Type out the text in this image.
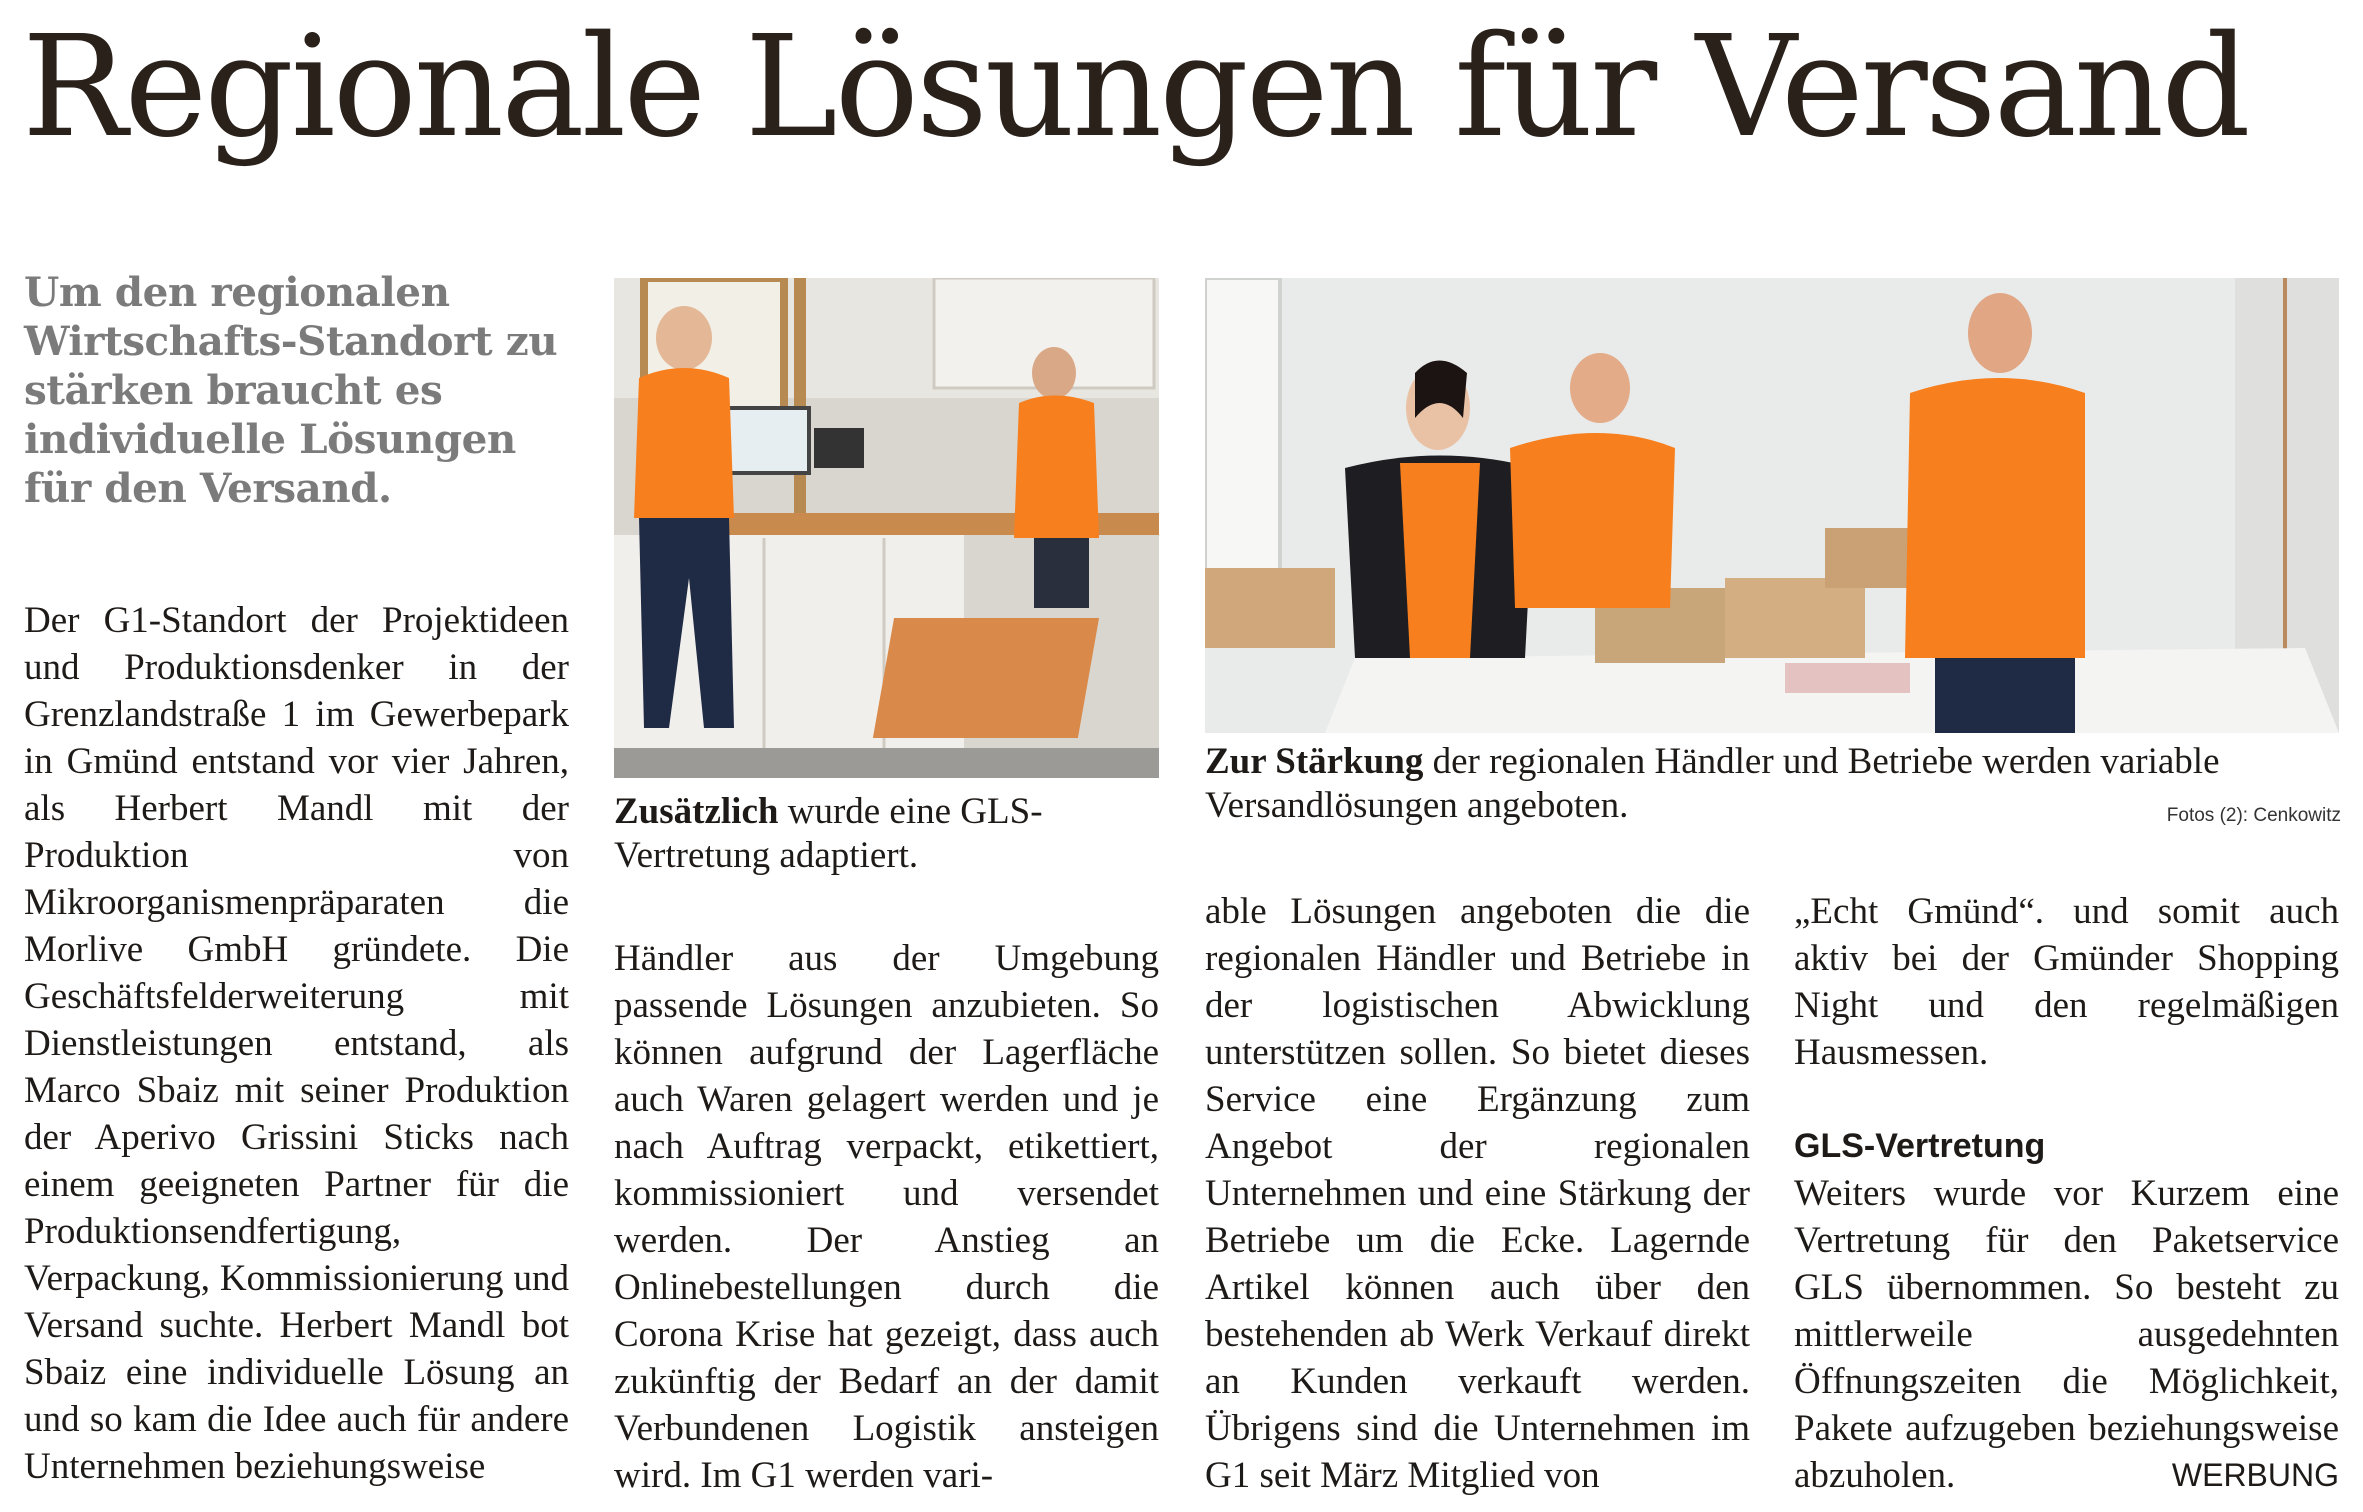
Regionale Lösungen für Versand

Um den regionalen Wirtschafts-Standort zu stärken braucht es individuelle Lösungen für den Versand.

Der G1-Standort der Projektideen und Produktionsdenker in der Grenzlandstraße 1 im Gewerbepark in Gmünd entstand vor vier Jahren, als Herbert Mandl mit der Produktion von Mikroorganismenpräparaten die Morlive GmbH gründete. Die Geschäftsfelderweiterung mit Dienstleistungen entstand, als Marco Sbaiz mit seiner Produktion der Aperivo Grissini Sticks nach einem geeigneten Partner für die Produktionsendfertigung, Verpackung, Kommissionierung und Versand suchte. Herbert Mandl bot Sbaiz eine individuelle Lösung an und so kam die Idee auch für andere Unternehmen beziehungsweise
Zusätzlich wurde eine GLS-Vertretung adaptiert.
Händler aus der Umgebung passende Lösungen anzubieten. So können aufgrund der Lagerfläche auch Waren gelagert werden und je nach Auftrag verpackt, etikettiert, kommissioniert und versendet werden. Der Anstieg an Onlinebestellungen durch die Corona Krise hat gezeigt, dass auch zukünftig der Bedarf an der damit Verbundenen Logistik ansteigen wird. Im G1 werden vari-
Zur Stärkung der regionalen Händler und Betriebe werden variable Versandlösungen angeboten.	Fotos (2): Cenkowitz
able Lösungen angeboten die die regionalen Händler und Betriebe in der logistischen Abwicklung unterstützen sollen. So bietet dieses Service eine Ergänzung zum Angebot der regionalen Unternehmen und eine Stärkung der Betriebe um die Ecke. Lagernde Artikel können auch über den bestehenden ab Werk Verkauf direkt an Kunden verkauft werden. Übrigens sind die Unternehmen im G1 seit März Mitglied von
„Echt Gmünd“. und somit auch aktiv bei der Gmünder Shopping Night und den regelmäßigen Hausmessen.
GLS-Vertretung
Weiters wurde vor Kurzem eine Vertretung für den Paketservice GLS übernommen. So besteht zu mittlerweile ausgedehnten Öffnungszeiten die Möglichkeit, Pakete aufzugeben beziehungsweise abzuholen.	WERBUNG
